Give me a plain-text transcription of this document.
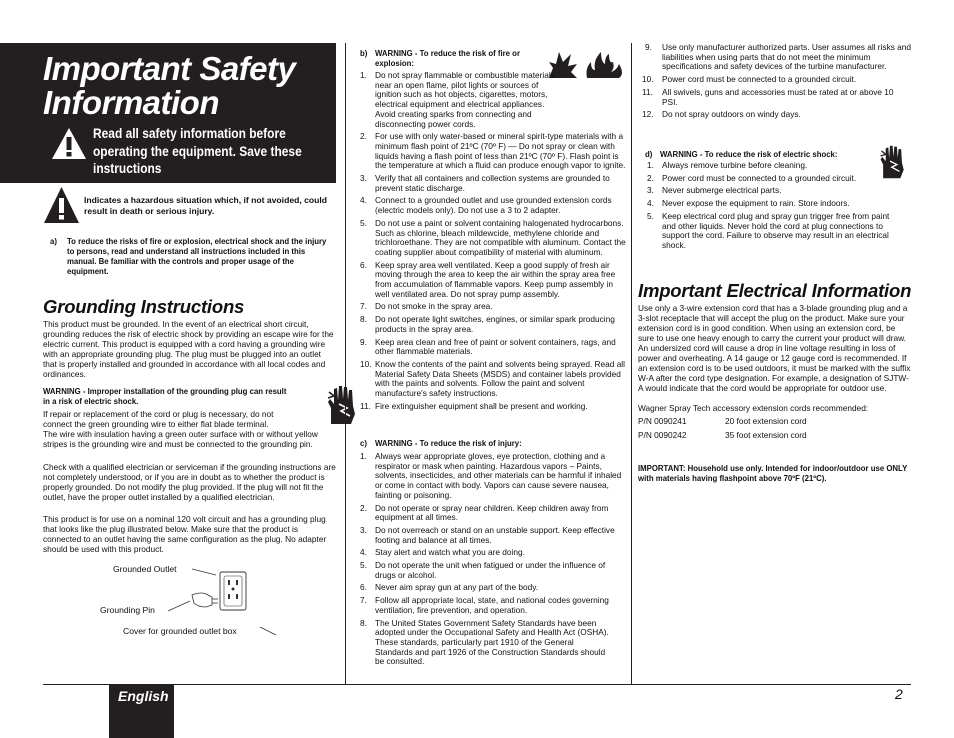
Important Safety
Information
Read all safety information before
operating the equipment. Save these
instructions
Indicates a hazardous situation which, if not avoided, could result in death or serious injury.
a)	To reduce the risks of fire or explosion, electrical shock and the injury to persons, read and understand all instructions included in this manual. Be familiar with the controls and proper usage of the equipment.
Grounding Instructions
This product must be grounded. In the event of an electrical short circuit, grounding reduces the risk of electric shock by providing an escape wire for the electric current. This product is equipped with a cord having a grounding wire with an appropriate grounding plug. The plug must be plugged into an outlet that is properly installed and grounded in accordance with all local codes and ordinances.
WARNING - Improper installation of the grounding plug can result in a risk of electric shock.
If repair or replacement of the cord or plug is necessary, do not connect the green grounding wire to either flat blade terminal.
The wire with insulation having a green outer surface with or without yellow stripes is the grounding wire and must be connected to the grounding pin.
Check with a qualified electrician or serviceman if the grounding instructions are not completely understood, or if you are in doubt as to whether the product is properly grounded. Do not modify the plug provided. If the plug will not fit the outlet, have the proper outlet installed by a qualified electrician.
This product is for use on a nominal 120 volt circuit and has a grounding plug that looks like the plug illustrated below. Make sure that the product is connected to an outlet having the same configuration as the plug. No adapter should be used with this product.
Grounded Outlet
Grounding Pin
Cover for grounded outlet box
b) WARNING - To reduce the risk of fire or explosion:
1. Do not spray flammable or combustible materials near an open flame, pilot lights or sources of ignition such as hot objects, cigarettes, motors, electrical equipment and electrical appliances. Avoid creating sparks from connecting and disconnecting power cords.
2. For use with only water-based or mineral spirit-type materials with a minimum flash point of 21ºC (70º F) — Do not spray or clean with liquids having a flash point of less than 21ºC (70º F). Flash point is the temperature at which a fluid can produce enough vapor to ignite.
3. Verify that all containers and collection systems are grounded to prevent static discharge.
4. Connect to a grounded outlet and use grounded extension cords (electric models only). Do not use a 3 to 2 adapter.
5. Do not use a paint or solvent containing halogenated hydrocarbons. Such as chlorine, bleach mildewcide, methylene chloride and trichloroethane. They are not compatible with aluminum. Contact the coating supplier about compatibility of material with aluminum.
6. Keep spray area well ventilated. Keep a good supply of fresh air moving through the area to keep the air within the spray area free from accumulation of flammable vapors. Keep pump assembly in well ventilated area. Do not spray pump assembly.
7. Do not smoke in the spray area.
8. Do not operate light switches, engines, or similar spark producing products in the spray area.
9. Keep area clean and free of paint or solvent containers, rags, and other flammable materials.
10. Know the contents of the paint and solvents being sprayed. Read all Material Safety Data Sheets (MSDS) and container labels provided with the paints and solvents. Follow the paint and solvent manufacture's safety instructions.
11. Fire extinguisher equipment shall be present and working.
c)	WARNING - To reduce the risk of injury:
1. Always wear appropriate gloves, eye protection, clothing and a respirator or mask when painting. Hazardous vapors – Paints, solvents, insecticides, and other materials can be harmful if inhaled or come in contact with body. Vapors can cause severe nausea, fainting or poisoning.
2. Do not operate or spray near children. Keep children away from equipment at all times.
3. Do not overreach or stand on an unstable support. Keep effective footing and balance at all times.
4. Stay alert and watch what you are doing.
5. Do not operate the unit when fatigued or under the influence of drugs or alcohol.
6. Never aim spray gun at any part of the body.
7. Follow all appropriate local, state, and national codes governing ventilation, fire prevention, and operation.
8. The United States Government Safety Standards have been adopted under the Occupational Safety and Health Act (OSHA). These standards, particularly part 1910 of the General Standards and part 1926 of the Construction Standards should be consulted.
9.	Use only manufacturer authorized parts. User assumes all risks and liabilities when using parts that do not meet the minimum specifications and safety devices of the turbine manufacturer.
10. Power cord must be connected to a grounded circuit.
11. All swivels, guns and accessories must be rated at or above 10 PSI.
12. Do not spray outdoors on windy days.
d) WARNING - To reduce the risk of electric shock:
1. Always remove turbine before cleaning.
2. Power cord must be connected to a grounded circuit.
3. Never submerge electrical parts.
4. Never expose the equipment to rain. Store indoors.
5. Keep electrical cord plug and spray gun trigger free from paint and other liquids. Never hold the cord at plug connections to support the cord. Failure to observe may result in an electrical shock.
Important Electrical Information
Use only a 3-wire extension cord that has a 3-blade grounding plug and a 3-slot receptacle that will accept the plug on the product. Make sure your extension cord is in good condition. When using an extension cord, be sure to use one heavy enough to carry the current your product will draw. An undersized cord will cause a drop in line voltage resulting in loss of power and overheating. A 14 gauge or 12 gauge cord is recommended. If an extension cord is to be used outdoors, it must be marked with the suffix W-A after the cord type designation. For example, a designation of SJTW-A would indicate that the cord would be appropriate for outdoor use.
Wagner Spray Tech accessory extension cords recommended:
P/N 0090241	20 foot extension cord
P/N 0090242	35 foot extension cord
IMPORTANT: Household use only. Intended for indoor/outdoor use ONLY with materials having flashpoint above 70ºF (21ºC).
English	2
